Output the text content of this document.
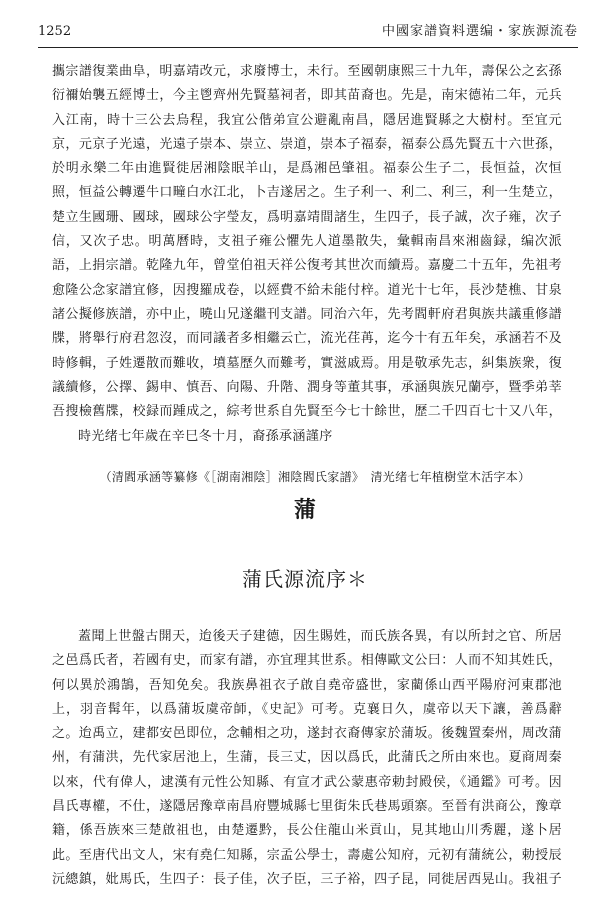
1252	中國家譜資料選编・家族源流卷

攜宗譜復業曲阜，明嘉靖改元，求廢博士，未行。至國朝康熙三十九年，壽保公之玄孫衍禰始襲五經博士，今主鬯齊州先賢墓祠者，即其苗裔也。先是，南宋德祐二年，元兵入江南，時十三公去烏程，我宜公偕弟宣公避亂南昌，隱居進賢縣之大樹村。至宜元京，元京子光遠，光遠子崇本、崇立、崇道，崇本子福泰，福泰公爲先賢五十六世孫，於明永樂二年由進賢徙居湘陰眠羊山，是爲湘邑肇祖。福泰公生子二，長恒益，次恒照，恒益公轉遷牛口疃白水江北，卜吉遂居之。生子利一、利二、利三，利一生楚立，楚立生國珊、國球，國球公字瑩友，爲明嘉靖間諸生，生四子，長子誠，次子雍，次子信，又次子忠。明萬曆時，支祖子雍公懼先人道墨散失，彙輯南昌來湘齒録，编次派語，上捐宗譜。乾隆九年，曾堂伯祖天祥公復考其世次而續焉。嘉慶二十五年，先祖考愈隆公念家譜宜修，因搜羅成卷，以經費不給未能付梓。道光十七年，長沙楚樵、甘泉諸公擬修族譜，亦中止，曉山兄遂繼刊支譜。同治六年，先考閻軒府君與族共議重修譜牒，將舉行府君忽沒，而同議者多相繼云亡，流光荏苒，迄今十有五年矣，承涵若不及時修輯，子姓遷散而難收，墳墓歷久而難考，實滋戚焉。用是敬承先志，糾集族衆，復議續修，公擇、錫申、慎吾、向陽、升階、潤身等董其事，承涵與族兄蘭亭，暨季弟莘吾搜檢舊牒，校録而踵成之，綜考世系自先賢至今七十餘世，歷二千四百七十又八年，

時光绪七年歲在辛巳冬十月，裔孫承涵謹序

（清閻承涵等纂修《［湖南湘陰］湘陰閻氏家譜》　清光绪七年植樹堂木活字本）
蒲
蒲氏源流序＊

蓋聞上世盤古開天，迨後天子建德，因生賜姓，而氏族各異，有以所封之官、所居之邑爲氏者，若國有史，而家有譜，亦宜理其世系。相傳歐文公曰：人而不知其姓氏，何以異於鴻鵠，吾知免矣。我族鼻祖衣子啟自堯帝盛世，家藺係山西平陽府河東郡池上，羽音髯年，以爲蒲坂虞帝師，《史記》可考。克襄日久，虞帝以天下讓，善爲辭之。迨禹立，建都安邑即位，念輔相之功，遂封衣裔傳家於蒲坂。後魏置秦州，周改蒲州，有蒲洪，先代家居池上，生蒲，長三丈，因以爲氏，此蒲氏之所由來也。夏商周秦以來，代有偉人，逮漢有元性公知縣、有宣才武公蒙惠帝勅封殿侯，《通鑑》可考。因昌氏專權，不仕，遂隱居豫章南昌府豐城縣七里街朱氏巷馬頭寨。至晉有洪商公，豫章籍，係吾族來三楚啟祖也，由楚遷黔，長公住龍山米貢山，見其地山川秀麗，遂卜居此。至唐代出文人，宋有堯仁知縣，宗孟公學士，壽處公知府，元初有蒲統公，勅授辰沅總鎮，妣馬氏，生四子：長子佳，次子臣，三子裕，四子昆，同徙居西晃山。我祖子
